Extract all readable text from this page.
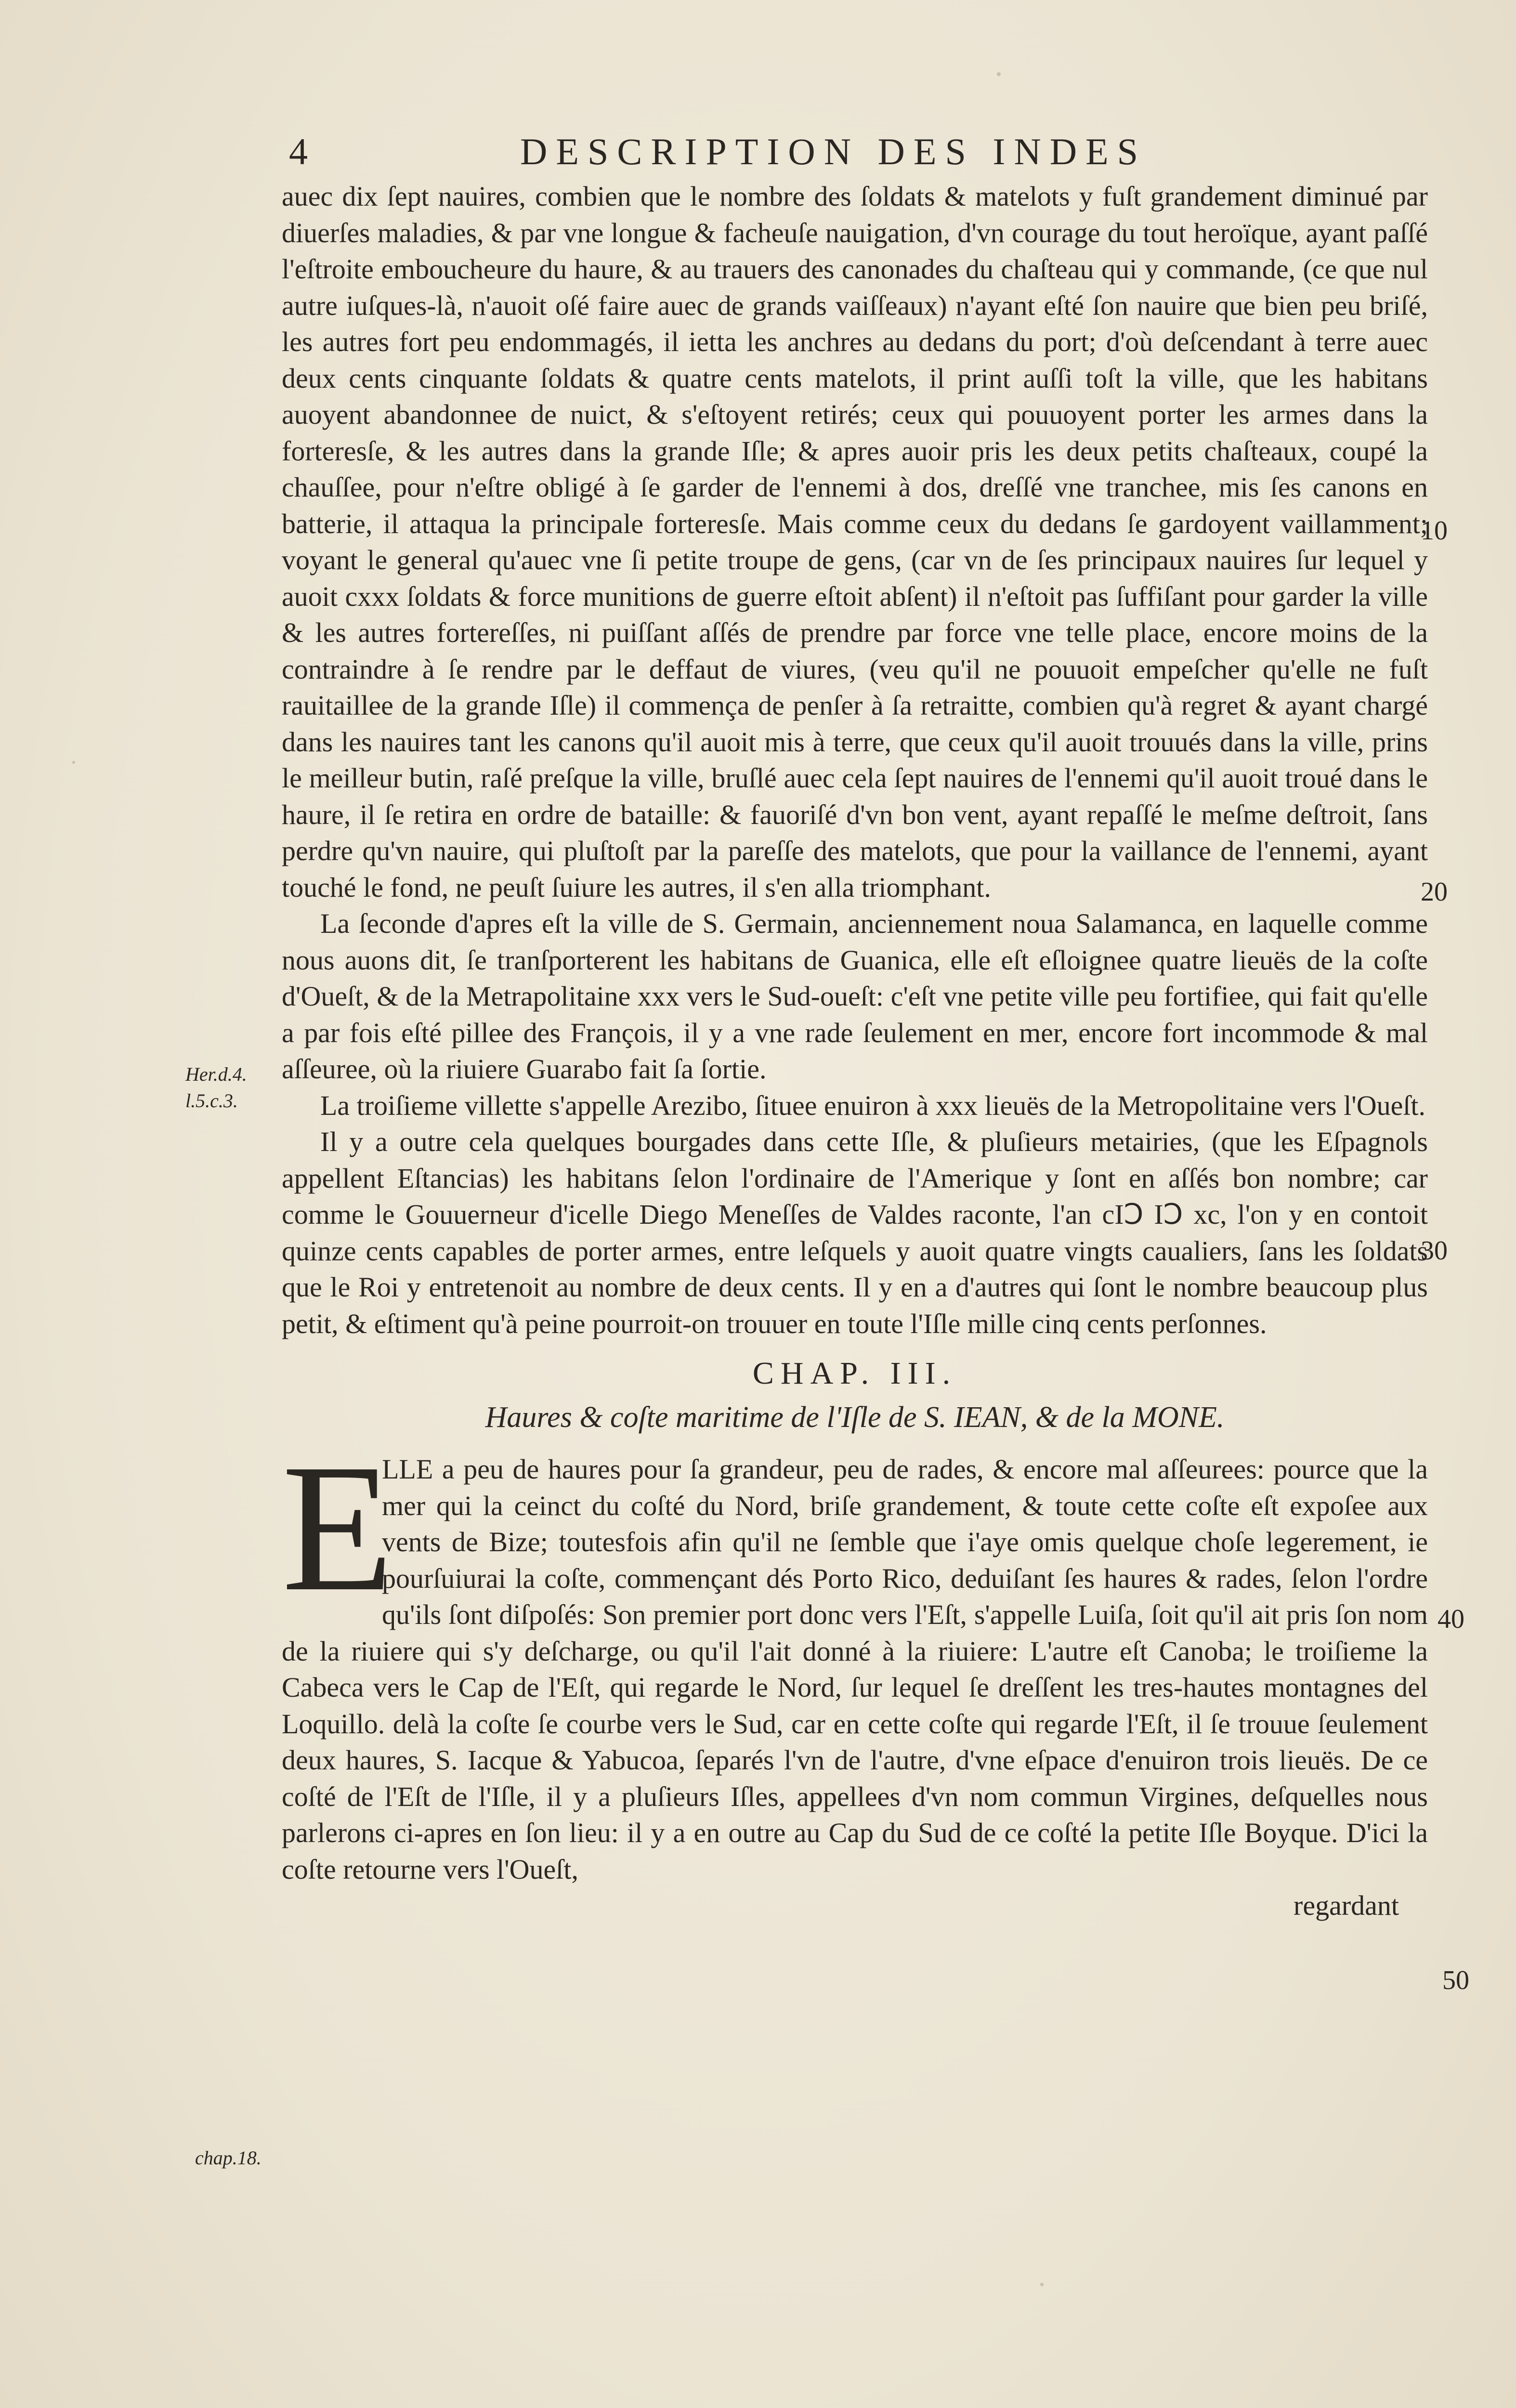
4	DESCRIPTION DES INDES

auec dix ſept nauires, combien que le nombre des ſoldats & matelots y fuſt grandement diminué par diuerſes maladies, & par vne longue & facheuſe nauigation, d'vn courage du tout heroïque, ayant paſſé l'eſtroite emboucheure du haure, & au trauers des canonades du chaſteau qui y commande, (ce que nul autre iuſques-là, n'auoit oſé faire auec de grands vaiſſeaux) n'ayant eſté ſon nauire que bien peu briſé, les autres fort peu endommagés, il ietta les anchres au dedans du port; d'où deſcendant à terre auec deux cents cinquante ſoldats & quatre cents matelots, il print auſſi toſt la ville, que les habitans auoyent abandonnee de nuict, & s'eſtoyent retirés; ceux qui pouuoyent porter les armes dans la forteresſe, & les autres dans la grande Iſle; & apres auoir pris les deux petits chaſteaux, coupé la chauſſee, pour n'eſtre obligé à ſe garder de l'ennemi à dos, dreſſé vne tranchee, mis ſes canons en batterie, il attaqua la principale forteresſe. Mais comme ceux du dedans ſe gardoyent vaillamment; voyant le general qu'auec vne ſi petite troupe de gens, (car vn de ſes principaux nauires ſur lequel y auoit cxxx ſoldats & force munitions de guerre eſtoit abſent) il n'eſtoit pas ſuffiſant pour garder la ville & les autres fortereſſes, ni puiſſant aſſés de prendre par force vne telle place, encore moins de la contraindre à ſe rendre par le deffaut de viures, (veu qu'il ne pouuoit empeſcher qu'elle ne fuſt rauitaillee de la grande Iſle) il commença de penſer à ſa retraitte, combien qu'à regret & ayant chargé dans les nauires tant les canons qu'il auoit mis à terre, que ceux qu'il auoit trouués dans la ville, prins le meilleur butin, raſé preſque la ville, bruſlé auec cela ſept nauires de l'ennemi qu'il auoit troué dans le haure, il ſe retira en ordre de bataille: & fauoriſé d'vn bon vent, ayant repaſſé le meſme deſtroit, ſans perdre qu'vn nauire, qui pluſtoſt par la pareſſe des matelots, que pour la vaillance de l'ennemi, ayant touché le fond, ne peuſt ſuiure les autres, il s'en alla triomphant.

La ſeconde d'apres eſt la ville de S. Germain, anciennement noua Salamanca, en laquelle comme nous auons dit, ſe tranſporterent les habitans de Guanica, elle eſt eſloignee quatre lieuës de la coſte d'Oueſt, & de la Metrapolitaine xxx vers le Sud-oueſt: c'eſt vne petite ville peu fortifiee, qui fait qu'elle a par fois eſté pillee des François, il y a vne rade ſeulement en mer, encore fort incommode & mal aſſeuree, où la riuiere Guarabo fait ſa ſortie.

La troiſieme villette s'appelle Arezibo, ſituee enuiron à xxx lieuës de la Metropolitaine vers l'Oueſt.

Il y a outre cela quelques bourgades dans cette Iſle, & pluſieurs metairies, (que les Eſpagnols appellent Eſtancias) les habitans ſelon l'ordinaire de l'Amerique y ſont en aſſés bon nombre; car comme le Gouuerneur d'icelle Diego Meneſſes de Valdes raconte, l'an cIↃ IↃ xc, l'on y en contoit quinze cents capables de porter armes, entre leſquels y auoit quatre vingts caualiers, ſans les ſoldats que le Roi y entretenoit au nombre de deux cents. Il y en a d'autres qui ſont le nombre beaucoup plus petit, & eſtiment qu'à peine pourroit-on trouuer en toute l'Iſle mille cinq cents perſonnes.

CHAP. III.
Haures & coſte maritime de l'Iſle de S. IEAN, & de la MONE.
E

LLE a peu de haures pour ſa grandeur, peu de rades, & encore mal aſſeurees: pource que la mer qui la ceinct du coſté du Nord, briſe grandement, & toute cette coſte eſt expoſee aux vents de Bize; toutesfois afin qu'il ne ſemble que i'aye omis quelque choſe legerement, ie pourſuiurai la coſte, commençant dés Porto Rico, deduiſant ſes haures & rades, ſelon l'ordre qu'ils ſont diſpoſés: Son premier port donc vers l'Eſt, s'appelle Luiſa, ſoit qu'il ait pris ſon nom de la riuiere qui s'y deſcharge, ou qu'il l'ait donné à la riuiere: L'autre eſt Canoba; le troiſieme la Cabeca vers le Cap de l'Eſt, qui regarde le Nord, ſur lequel ſe dreſſent les tres-hautes montagnes del Loquillo. delà la coſte ſe courbe vers le Sud, car en cette coſte qui regarde l'Eſt, il ſe trouue ſeulement deux haures, S. Iacque & Yabucoa, ſeparés l'vn de l'autre, d'vne eſpace d'enuiron trois lieuës. De ce coſté de l'Eſt de l'Iſle, il y a pluſieurs Iſles, appellees d'vn nom commun Virgines, deſquelles nous parlerons ci-apres en ſon lieu: il y a en outre au Cap du Sud de ce coſté la petite Iſle Boyque. D'ici la coſte retourne vers l'Oueſt,

regardant

10
20
30
40
50
Her.d.4.
l.5.c.3.
chap.18.
